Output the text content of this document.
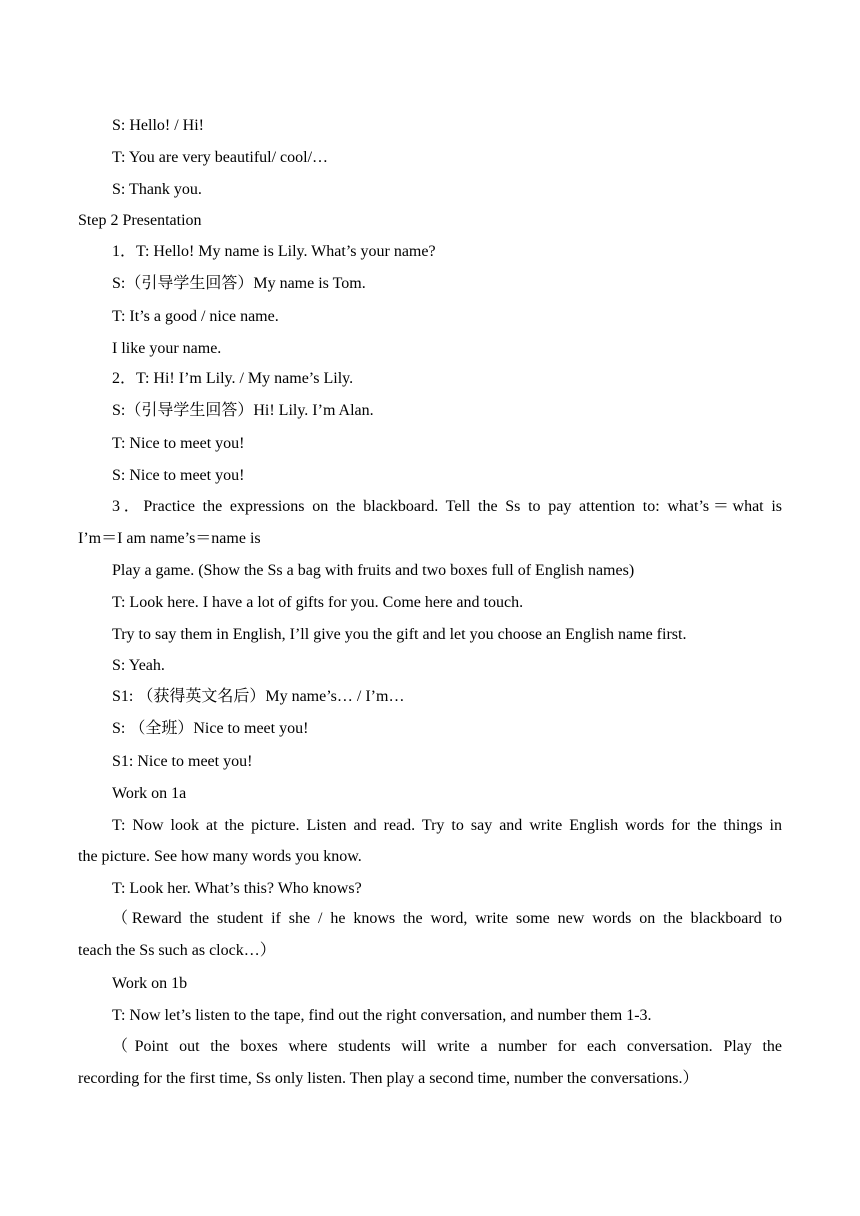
S: Hello! / Hi!
T: You are very beautiful/ cool/…
S: Thank you.
Step 2 Presentation
1．T: Hello! My name is Lily. What’s your name?
S:（引导学生回答）My name is Tom.
T: It’s a good / nice name.
I like your name.
2．T: Hi! I’m Lily. / My name’s Lily.
S:（引导学生回答）Hi! Lily. I’m Alan.
T: Nice to meet you!
S: Nice to meet you!
3．Practice the expressions on the blackboard. Tell the Ss to pay attention to: what’s＝what is
I’m＝I am name’s＝name is
Play a game. (Show the Ss a bag with fruits and two boxes full of English names)
T: Look here. I have a lot of gifts for you. Come here and touch.
Try to say them in English, I’ll give you the gift and let you choose an English name first.
S: Yeah.
S1: （获得英文名后）My name’s… / I’m…
S: （全班）Nice to meet you!
S1: Nice to meet you!
Work on 1a
T: Now look at the picture. Listen and read. Try to say and write English words for the things in
the picture. See how many words you know.
T: Look her. What’s this? Who knows?
（Reward the student if she / he knows the word, write some new words on the blackboard to
teach the Ss such as clock…）
Work on 1b
T: Now let’s listen to the tape, find out the right conversation, and number them 1-3.
（Point out the boxes where students will write a number for each conversation. Play the
recording for the first time, Ss only listen. Then play a second time, number the conversations.）
